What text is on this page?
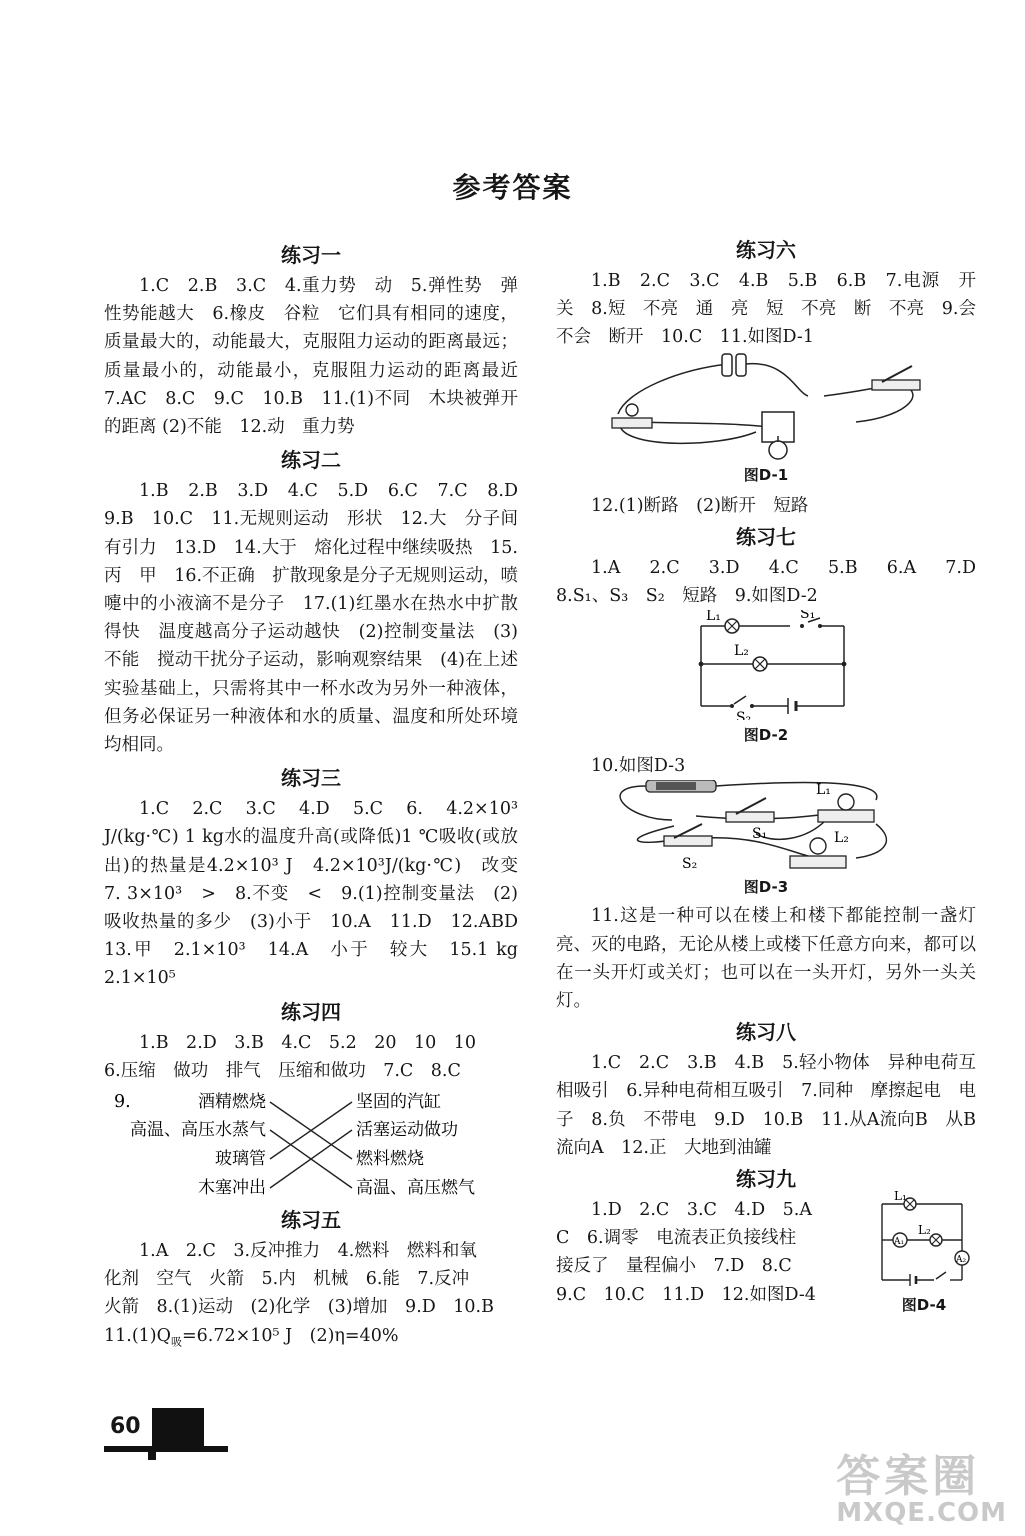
参考答案
练习一

1.C　2.B　3.C　4.重力势　动　5.弹性势　弹性势能越大　6.橡皮　谷粒　它们具有相同的速度，质量最大的，动能最大，克服阻力运动的距离最远；质量最小的，动能最小，克服阻力运动的距离最近　7.AC　8.C　9.C　10.B　11.(1)不同　木块被弹开的距离 (2)不能　12.动　重力势

练习二

1.B　2.B　3.D　4.C　5.D　6.C　7.C　8.D　9.B　10.C　11.无规则运动　形状　12.大　分子间有引力　13.D　14.大于　熔化过程中继续吸热　15.丙　甲　16.不正确　扩散现象是分子无规则运动，喷嚏中的小液滴不是分子　17.(1)红墨水在热水中扩散得快　温度越高分子运动越快　(2)控制变量法　(3)不能　搅动干扰分子运动，影响观察结果　(4)在上述实验基础上，只需将其中一杯水改为另外一种液体，但务必保证另一种液体和水的质量、温度和所处环境均相同。

练习三

1.C　2.C　3.C　4.D　5.C　6.　4.2×10³ J/(kg·℃) 1 kg水的温度升高(或降低)1 ℃吸收(或放出)的热量是4.2×10³ J　4.2×10³J/(kg·℃)　改变　7. 3×10³　>　8.不变　<　9.(1)控制变量法　(2)吸收热量的多少　(3)小于　10.A　11.D　12.ABD　13.甲　2.1×10³　14.A　小于　较大　15.1 kg　2.1×10⁵

练习四
1.B　2.D　3.B　4.C　5.2　20　10　10
6.压缩　做功　排气　压缩和做功　7.C　8.C
9.	酒精燃烧
高温、高压水蒸气
玻璃管
木塞冲出
坚固的汽缸
活塞运动做功
燃料燃烧
高温、高压燃气
练习五
1.A　2.C　3.反冲推力　4.燃料　燃料和氧
化剂　空气　火箭　5.内　机械　6.能　7.反冲
火箭　8.(1)运动　(2)化学　(3)增加　9.D　10.B
$11.(1)Q_吸=6.72\times 10^5$ J　(2)η=40%
练习六

1.B　2.C　3.C　4.B　5.B　6.B　7.电源　开关　8.短　不亮　通　亮　短　不亮　断　不亮　9.会　不会　断开　10.C　11.如图D-1

图D-1
12.(1)断路　(2)断开　短路
练习七

1.A　2.C　3.D　4.C　5.B　6.A　7.D　8.S₁、S₃　S₂　短路　9.如图D-2

L₁
L₂
S₁
S₂
图D-2
10.如图D-3
L₁
L₂
S₁
S₂
图D-3

11.这是一种可以在楼上和楼下都能控制一盏灯亮、灭的电路，无论从楼上或楼下任意方向来，都可以在一头开灯或关灯；也可以在一头开灯，另外一头关灯。

练习八

1.C　2.C　3.B　4.B　5.轻小物体　异种电荷互相吸引　6.异种电荷相互吸引　7.同种　摩擦起电　电子　8.负　不带电　9.D　10.B　11.从A流向B　从B流向A　12.正　大地到油罐

练习九
1.D　2.C　3.C　4.D　5.A
C　6.调零　电流表正负接线柱
接反了　量程偏小　7.D　8.C
9.C　10.C　11.D　12.如图D-4
L₁
L₂
A₁
A₂
图D-4
60
答案圈
MXQE.COM
